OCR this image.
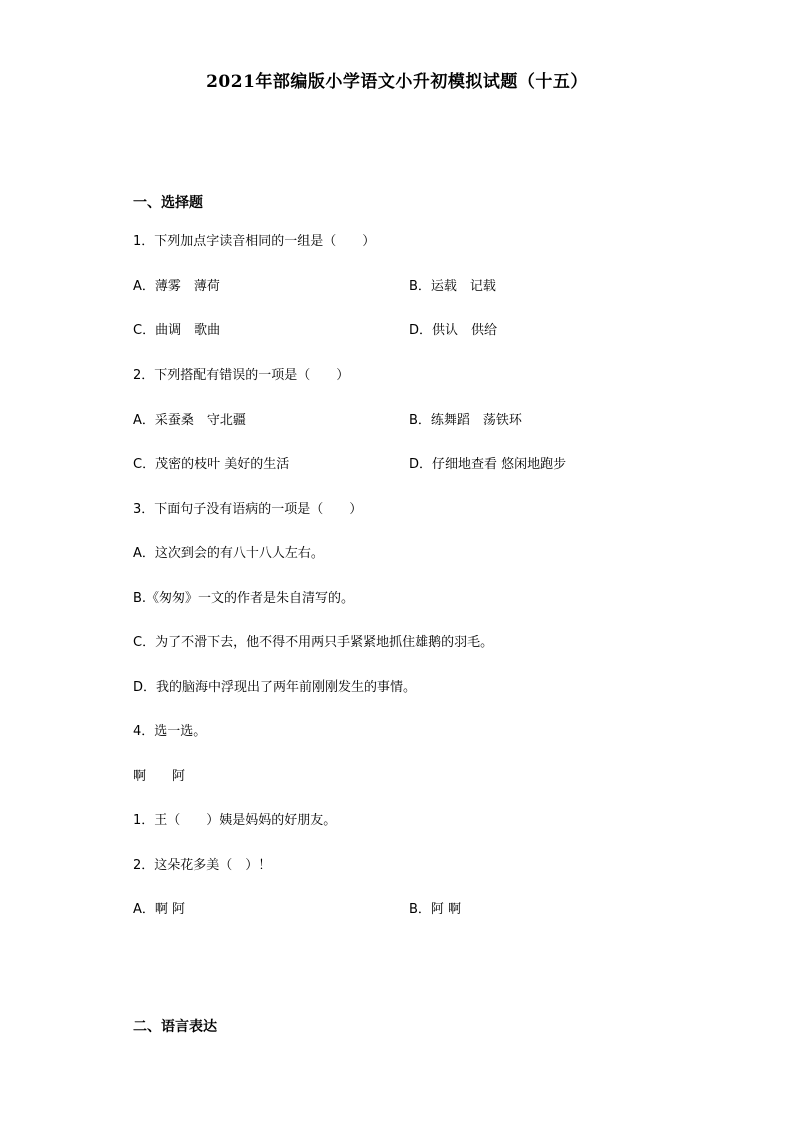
2021年部编版小学语文小升初模拟试题（十五）
一、选择题
1．下列加点字读音相同的一组是（　　）
A．薄雾　薄荷	B．运载　记载
C．曲调　歌曲	D．供认　供给
2．下列搭配有错误的一项是（　　）
A．采蚕桑　守北疆	B．练舞蹈　荡铁环
C．茂密的枝叶 美好的生活	D．仔细地查看 悠闲地跑步
3．下面句子没有语病的一项是（　　）
A．这次到会的有八十八人左右。
B.《匆匆》一文的作者是朱自清写的。
C．为了不滑下去，他不得不用两只手紧紧地抓住雄鹅的羽毛。
D．我的脑海中浮现出了两年前刚刚发生的事情。
4．选一选。
啊　　阿
1．王（　　）姨是妈妈的好朋友。
2．这朵花多美（　）！
A．啊 阿	B．阿 啊
二、语言表达
